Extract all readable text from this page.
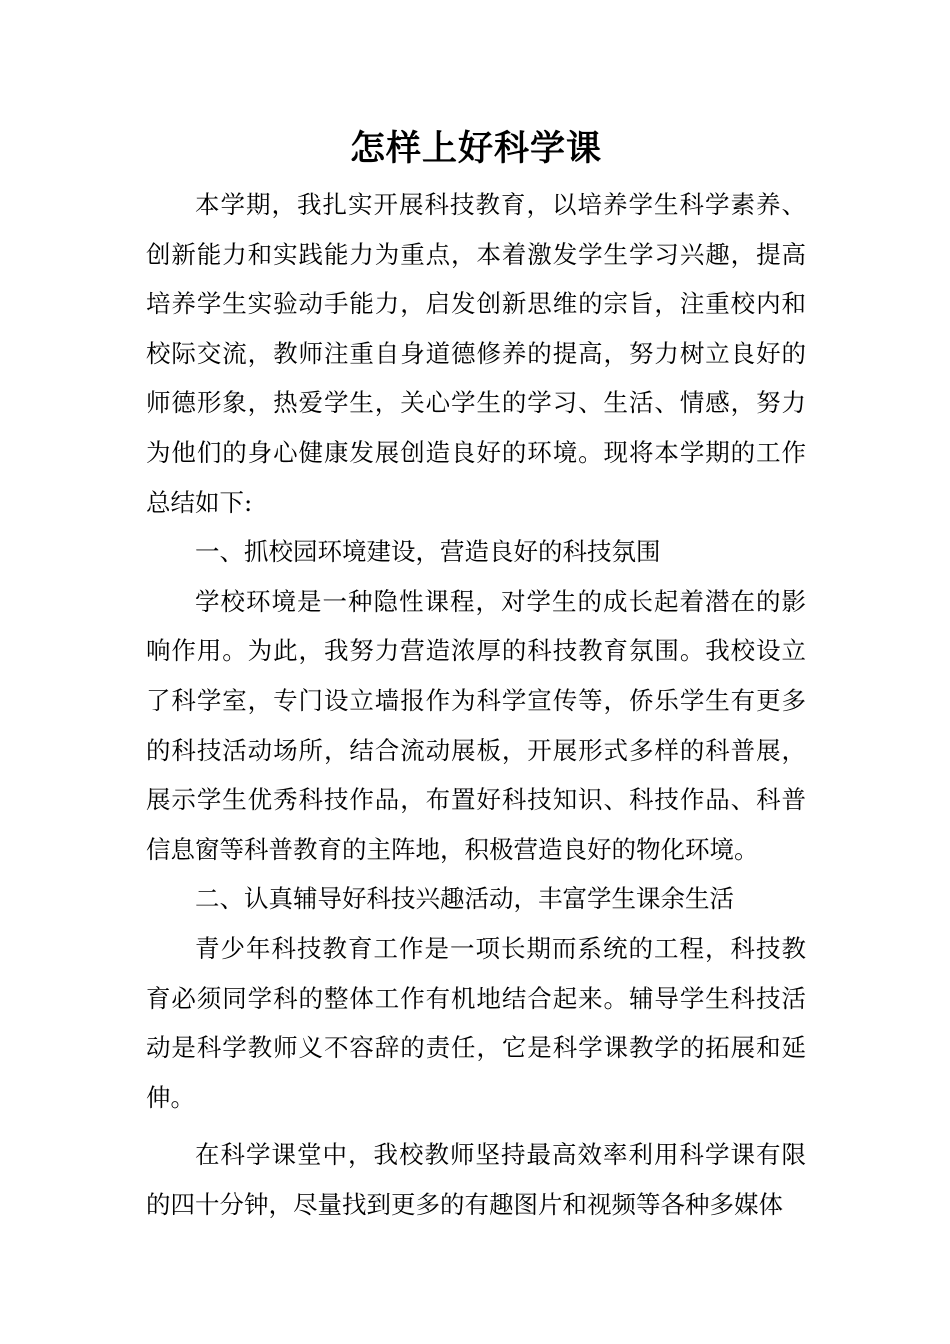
怎样上好科学课

本学期，我扎实开展科技教育，以培养学生科学素养、创新能力和实践能力为重点，本着激发学生学习兴趣，提高培养学生实验动手能力，启发创新思维的宗旨，注重校内和校际交流，教师注重自身道德修养的提高，努力树立良好的师德形象，热爱学生，关心学生的学习、生活、情感，努力为他们的身心健康发展创造良好的环境。现将本学期的工作总结如下:

一、抓校园环境建设，营造良好的科技氛围

学校环境是一种隐性课程，对学生的成长起着潜在的影响作用。为此，我努力营造浓厚的科技教育氛围。我校设立了科学室，专门设立墙报作为科学宣传等，侨乐学生有更多的科技活动场所，结合流动展板，开展形式多样的科普展，展示学生优秀科技作品，布置好科技知识、科技作品、科普信息窗等科普教育的主阵地，积极营造良好的物化环境。

二、认真辅导好科技兴趣活动，丰富学生课余生活

青少年科技教育工作是一项长期而系统的工程，科技教育必须同学科的整体工作有机地结合起来。辅导学生科技活动是科学教师义不容辞的责任，它是科学课教学的拓展和延伸。

在科学课堂中，我校教师坚持最高效率利用科学课有限的四十分钟，尽量找到更多的有趣图片和视频等各种多媒体
